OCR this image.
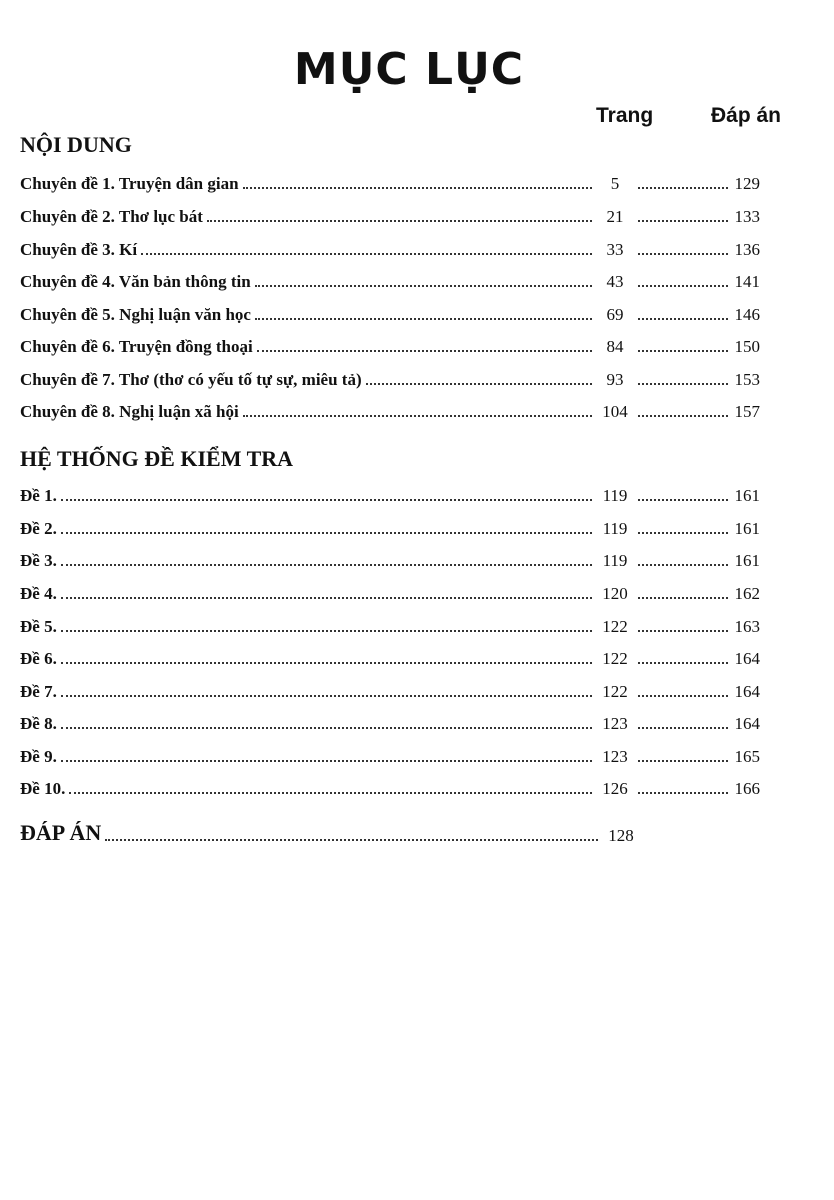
MỤC LỤC
Trang	Đáp án
NỘI DUNG
Chuyên đề 1. Truyện dân gian	5	129
Chuyên đề 2. Thơ lục bát	21	133
Chuyên đề 3. Kí	33	136
Chuyên đề 4. Văn bản thông tin	43	141
Chuyên đề 5. Nghị luận văn học	69	146
Chuyên đề 6. Truyện đồng thoại	84	150
Chuyên đề 7. Thơ (thơ có yếu tố tự sự, miêu tả)	93	153
Chuyên đề 8. Nghị luận xã hội	104	157
HỆ THỐNG ĐỀ KIỂM TRA
Đề 1.	119	161
Đề 2.	119	161
Đề 3.	119	161
Đề 4.	120	162
Đề 5.	122	163
Đề 6.	122	164
Đề 7.	122	164
Đề 8.	123	164
Đề 9.	123	165
Đề 10.	126	166
ĐÁP ÁN	128
